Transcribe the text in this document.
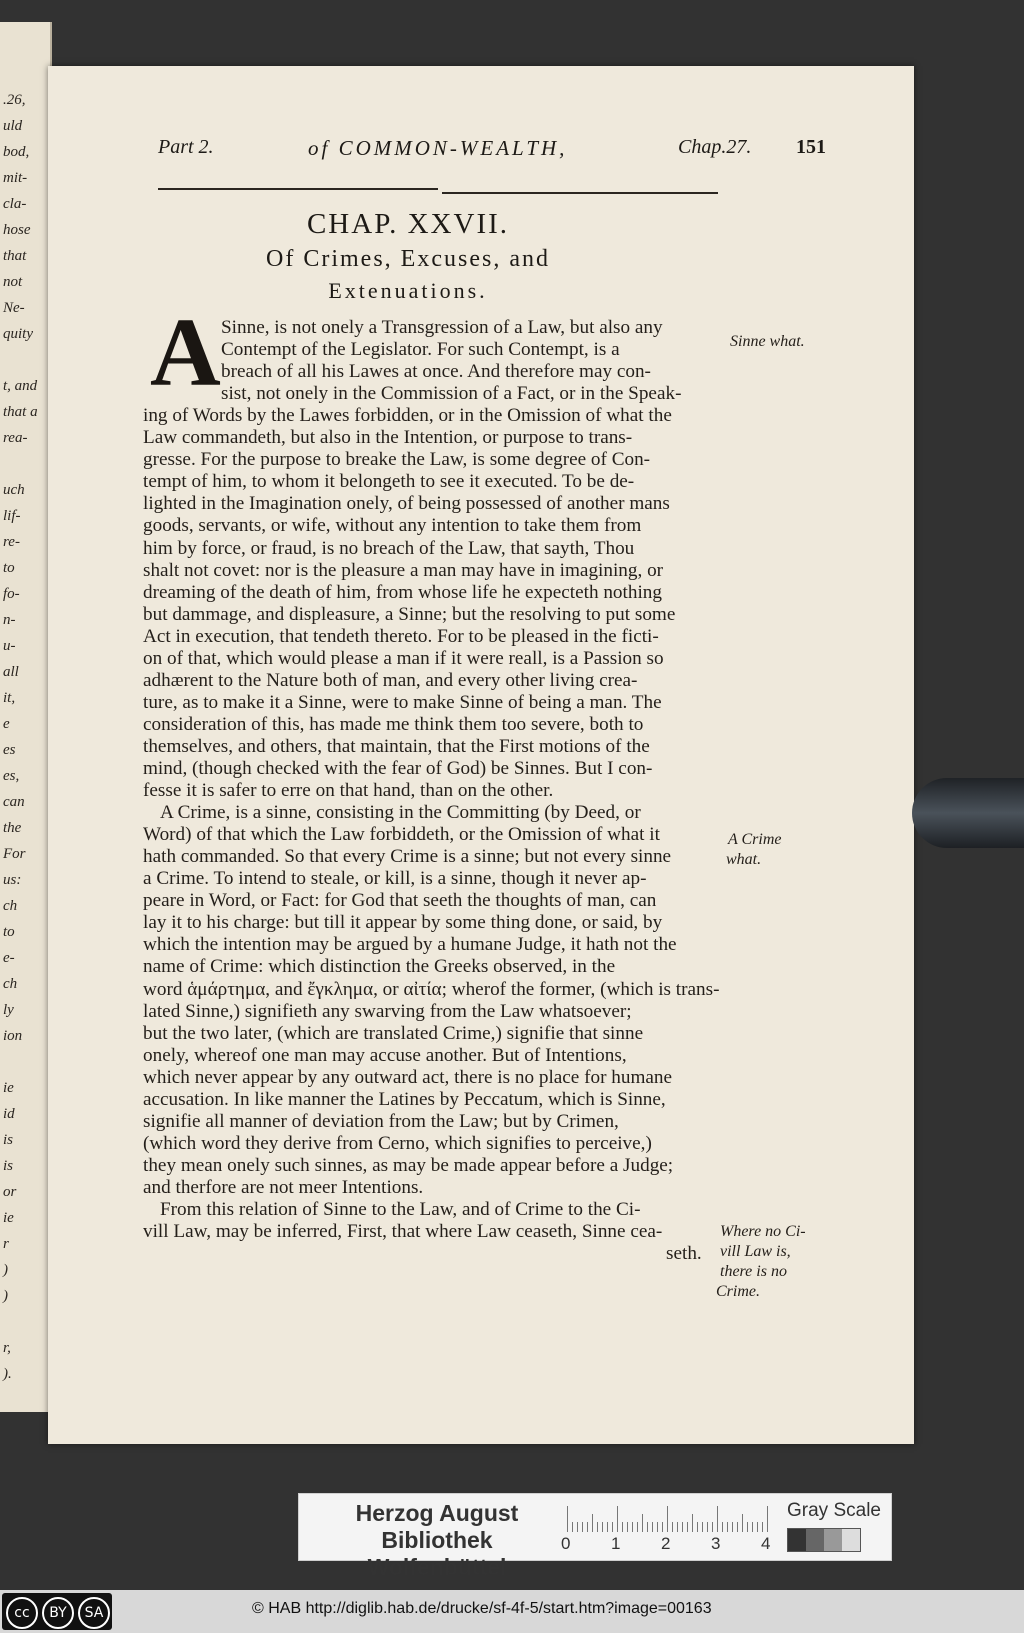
.26,
uld
bod,
mit-
cla-
hose
that
not
Ne-
quity
t, and
that a
rea-
uch
lif-
re-
to
fo-
n-
u-
all
it,
e
es
es,
can
the
For
us:
ch
to
e-
ch
ly
ion
ie
id
is
is
or
ie
r
)
)
r,
).
Part 2.	of COMMON-WEALTH,	Chap.27. 151
CHAP. XXVII.
Of Crimes, Excuses, and
Extenuations.
A	Sinne what.
A Crime
what.
Where no Ci-
vill Law is,
there is no
Crime.
Sinne, is not onely a Transgression of a Law, but also any
Contempt of the Legislator. For such Contempt, is a
breach of all his Lawes at once. And therefore may con-
sist, not onely in the Commission of a Fact, or in the Speak-
ing of Words by the Lawes forbidden, or in the Omission of what the
Law commandeth, but also in the Intention, or purpose to trans-
gresse. For the purpose to breake the Law, is some degree of Con-
tempt of him, to whom it belongeth to see it executed. To be de-
lighted in the Imagination onely, of being possessed of another mans
goods, servants, or wife, without any intention to take them from
him by force, or fraud, is no breach of the Law, that sayth, Thou
shalt not covet: nor is the pleasure a man may have in imagining, or
dreaming of the death of him, from whose life he expecteth nothing
but dammage, and displeasure, a Sinne; but the resolving to put some
Act in execution, that tendeth thereto. For to be pleased in the ficti-
on of that, which would please a man if it were reall, is a Passion so
adhærent to the Nature both of man, and every other living crea-
ture, as to make it a Sinne, were to make Sinne of being a man. The
consideration of this, has made me think them too severe, both to
themselves, and others, that maintain, that the First motions of the
mind, (though checked with the fear of God) be Sinnes. But I con-
fesse it is safer to erre on that hand, than on the other.
A Crime, is a sinne, consisting in the Committing (by Deed, or
Word) of that which the Law forbiddeth, or the Omission of what it
hath commanded. So that every Crime is a sinne; but not every sinne
a Crime. To intend to steale, or kill, is a sinne, though it never ap-
peare in Word, or Fact: for God that seeth the thoughts of man, can
lay it to his charge: but till it appear by some thing done, or said, by
which the intention may be argued by a humane Judge, it hath not the
name of Crime: which distinction the Greeks observed, in the
word ἁμάρτημα, and ἔγκλημα, or αἰτία; wherof the former, (which is trans-
lated Sinne,) signifieth any swarving from the Law whatsoever;
but the two later, (which are translated Crime,) signifie that sinne
onely, whereof one man may accuse another. But of Intentions,
which never appear by any outward act, there is no place for humane
accusation. In like manner the Latines by Peccatum, which is Sinne,
signifie all manner of deviation from the Law; but by Crimen,
(which word they derive from Cerno, which signifies to perceive,)
they mean onely such sinnes, as may be made appear before a Judge;
and therfore are not meer Intentions.
From this relation of Sinne to the Law, and of Crime to the Ci-
vill Law, may be inferred, First, that where Law ceaseth, Sinne cea-
seth.
Herzog August Bibliothek
Wolfenbüttel
0 1 2 3 4
Gray Scale
cc BY SA	© HAB http://diglib.hab.de/drucke/sf-4f-5/start.htm?image=00163
